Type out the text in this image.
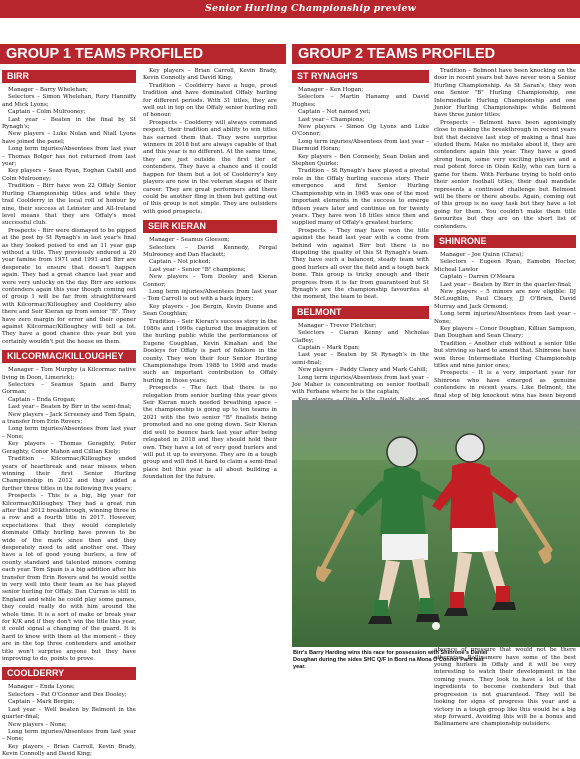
Senior Hurling Championship preview
GROUP 1 TEAMS PROFILED	GROUP 2 TEAMS PROFILED
BIRR

Manager – Barry Whelehan;

Selectors – Simon Whelehan, Rory Hanniffy and Mick Lyons;

Captain – Colm Mulrooney;

Last year – Beaten in the final by St Rynagh's;

New players – Luke Nolan and Niall Lyons have joined the panel;

Long term injuries/Absentees from last year – Thomas Bolger has not returned from last year;

Key players – Sean Ryan, Eoghan Cahill and Colm Mulrooney;

Tradition – Birr have won 22 Offaly Senior Hurling Championship titles and while they trail Coolderry in the local roll of honour by nine, their success at Leinster and All-Ireland level means that they are Offaly's most successful club.

Prospects – Birr were dismayed to be pipped at the post by St Rynagh's in last year's final as they looked poised to end an 11 year gap without a title. They previously endured a 20 year famine from 1971 and 1991 and Birr are desperate to ensure that doesn't happen again. They had a great chance last year and were very unlucky on the day. Birr are serious contenders again this year though coming out of group 1 will be far from straightforward with Kilcormac/Killoughey and Coolderry also there and Seir Kieran up from senior "B". They have zero margin for error and their opener against Kilcormac/Killoughey will tell a lot. They have a good chance this year but you certainly wouldn't put the house on them.

KILCORMAC/KILLOUGHEY

Manager – Tom Murphy (a Kilcormac native living in Doon, Limerick);

Selectors – Seamus Spain and Barry Gorman;

Captain – Enda Grogan;

Last year – Beaten by Birr in the semi-final;

New players – Jack Screeney and Tom Spain, a transfer from Erin Rovers;

Long term injuries/Absentees from last year – None;

Key players – Thomas Geraghty, Peter Geraghty, Conor Mahon and Cillian Kiely;

Tradition – Kilcormac/Killoughey ended years of heartbreak and near misses when winning their first Senior Hurling Championship in 2012 and they added a further three titles in the following five years;

Prospects – This is a big, big year for Kilcormac/Killoughey. They had a great run after that 2012 breakthrough, winning three in a row and a fourth title in 2017. However, expectations that they would completely dominate Offaly hurling have proven to be wide of the mark since then and they desperately need to add another one. They have a lot of good young hurlers, a few of county standard and talented minors coming each year. Tom Spain is a big addition after his transfer from Erin Rovers and he would settle in very well into their team as he has played senior hurling for Offaly. Dan Curran is still in England and while he could play some games, they could really do with him around the whole time. It is a sort of make or break year for K/K and if they don't win the title this year, it could signal a changing of the guard. It is hard to know with them at the moment – they are in the top three contenders and another title won't surprise anyone but they have improving to do, points to prove.

COOLDERRY

Manager – Enda Lyons;

Selectors – Pat O'Connor and Des Dooley;

Captain – Mark Bergin;

Last year – Well beaten by Belmont in the quarter-final;

New players – None;

Long term injuries/Absentees from last year – None;

Key players – Brian Carroll, Kevin Brady, Kevin Connolly and David King;

Key players – Brian Carroll, Kevin Brady, Kevin Connolly and David King;

Tradition – Coolderry have a huge, proud tradition and have dominated Offaly hurling for different periods. With 31 titles, they are well out in top on the Offaly senior hurling roll of honour.

Prospects – Coolderry will always command respect, their tradition and ability to win titles has earned them that. They were surprise winners in 2018 but are always capable of that and this year is no different. At the same time, they are just outside the first tier of contenders. They have a chance and it could happen for them but a lot of Coolderry's key players are now in the veteran stages of their career. They are great performers and there could be another fling in them but getting out of this group is not simple. They are outsiders with good prospects.

SEIR KIERAN

Manager – Seamus Gleeson;

Selectors – David Kennedy, Fergal Mulrooney and Dan Hackett;

Captain – Not picked;

Last year – Senior "B" champions;

New players – Tom Dooley and Kieran Connor;

Long term injuries/Absentees from last year – Tom Carroll is out with a back injury;

Key players – Joe Bergin, Kevin Dunne and Sean Coughlan;

Tradition – Seir Kieran's success story in the 1980s and 1990s captured the imagination of the hurling public while the performances of Eugene Coughlan, Kevin Kinahan and the Dooleys for Offaly is part of folklore in the county. They won their four Senior Hurling Championships from 1988 to 1998 and made such an important contribution to Offaly hurling in those years;

Prospects – The fact that there is no relegation from senior hurling this year gives Seir Kieran much needed breathing space – the championship is going up to ten teams in 2021 with the two senior "B" finalists being promoted and no one going down. Seir Kieran did well to bounce back last year after being relegated in 2018 and they should hold their own. They have a lot of very good hurlers and will put it up to everyone. They are in a tough group and will find it hard to claim a semi-final place but this year is all about building a foundation for the future.

ST RYNAGH'S

Manager – Ken Hogan;

Selectors – Martin Hanamy and David Hughes;

Captain – Not named yet;

Last year – Champions;

New players – Simon Og Lyons and Luke O'Connor;

Long term injuries/Absentees from last year – Diarmuid Horan;

Key players – Ben Conneely, Sean Dolan and Stephen Quirke;

Tradition – St Rynagh's have played a pivotal role in the Offaly hurling success story. Their emergence and first Senior Hurling Championship win in 1965 was one of the most important elements in the success to emerge fifteen years later and continue on for twenty years. They have won 18 titles since then and supplied many of Offaly's greatest hurlers;

Prospects – They may have won the title against the head last year with a come from behind win against Birr but there is no disputing the quality of this St Rynagh's team. They have such a balanced, steady team with good hurlers all over the field and a tough back bone. This group is tricky enough and their progress from it is far from guaranteed but St Rynagh's are the championship favourites at the moment, the team to beat.

BELMONT

Manager – Trevor Fletcher;

Selectors – Ciaran Kenny and Nicholas Claffey;

Captain – Mark Egan;

Last year – Beaten by St Rynagh's in the semi-final;

New players – Paddy Clancy and Mark Cahill;

Long term injuries/Absentees from last year – Joe Maher is concentrating on senior football with Ferbane where he is the captain;

Tradition – Belmont have been knocking on the door in recent years but have never won a Senior Hurling Championship. As St Saran's, they won one Senior "B" Hurling Championship, one Intermediate Hurling Championship and one Junior Hurling Championships while Belmont have three junior titles;

Prospects – Belmont have been agonisingly close to making the breakthrough in recent years but that decisive last step of making a final has eluded them. Make no mistake about it, they are contenders again this year. They have a good strong team, some very exciting players and a real potent force in Oisin Kelly, who can turn a game for them. With Ferbane trying to hold onto their senior football titles, their dual mandate represents a continued challenge but Belmont will be there or there abouts. Again, coming out of this group is no easy task but they have a lot going for them. You couldn't make them title favourites but they are on the short list of contenders.

SHINRONE

Manager – Joe Quinn (Clara);

Selectors – Eugeen Ryan, Eamobn Hoctor, Micheal Lawlor

Captain – Darren O'Meara

Last year – Beaten by Birr in the quarter-final;

New players – 5 minors are now eligible: DJ McLoughlin, Paul Cleary, JJ O'Brien, David Murray and Jack Ormond;

Long term injuries/Absentees from last year – None;

Key players – Conor Doughan, Killian Sampson, Dan Doughan and Sean Cleary;

Tradition – Another club without a senior title but striving so hard to amend that. Shinrone have won three Intermediate Hurling Championship titles and nine junior ones;

Prospects – It is a very important year for Shinrone who have emerged as genuine contenders in recent years. Like Belmont, the final step of big knockout wins has been beyond

absence of pressure that would not be there otherwise. Ballinamere have some of the best young hurlers in Offaly and it will be very interesting to watch their development in the coming years. They look to have a lot of the ingredients to become contenders but that progression is not guaranteed. They will be looking for signs of progress this year and a victory in a tough group like this would be a big step forward. Avoiding this will be a bonus and Ballinamere are championship outsiders.

Birr's Barry Harding wins this race for possession with Shinrone's Daniel Doughan during the sides SHC Q/F in Bord na Mona O'Connor Park last year.
